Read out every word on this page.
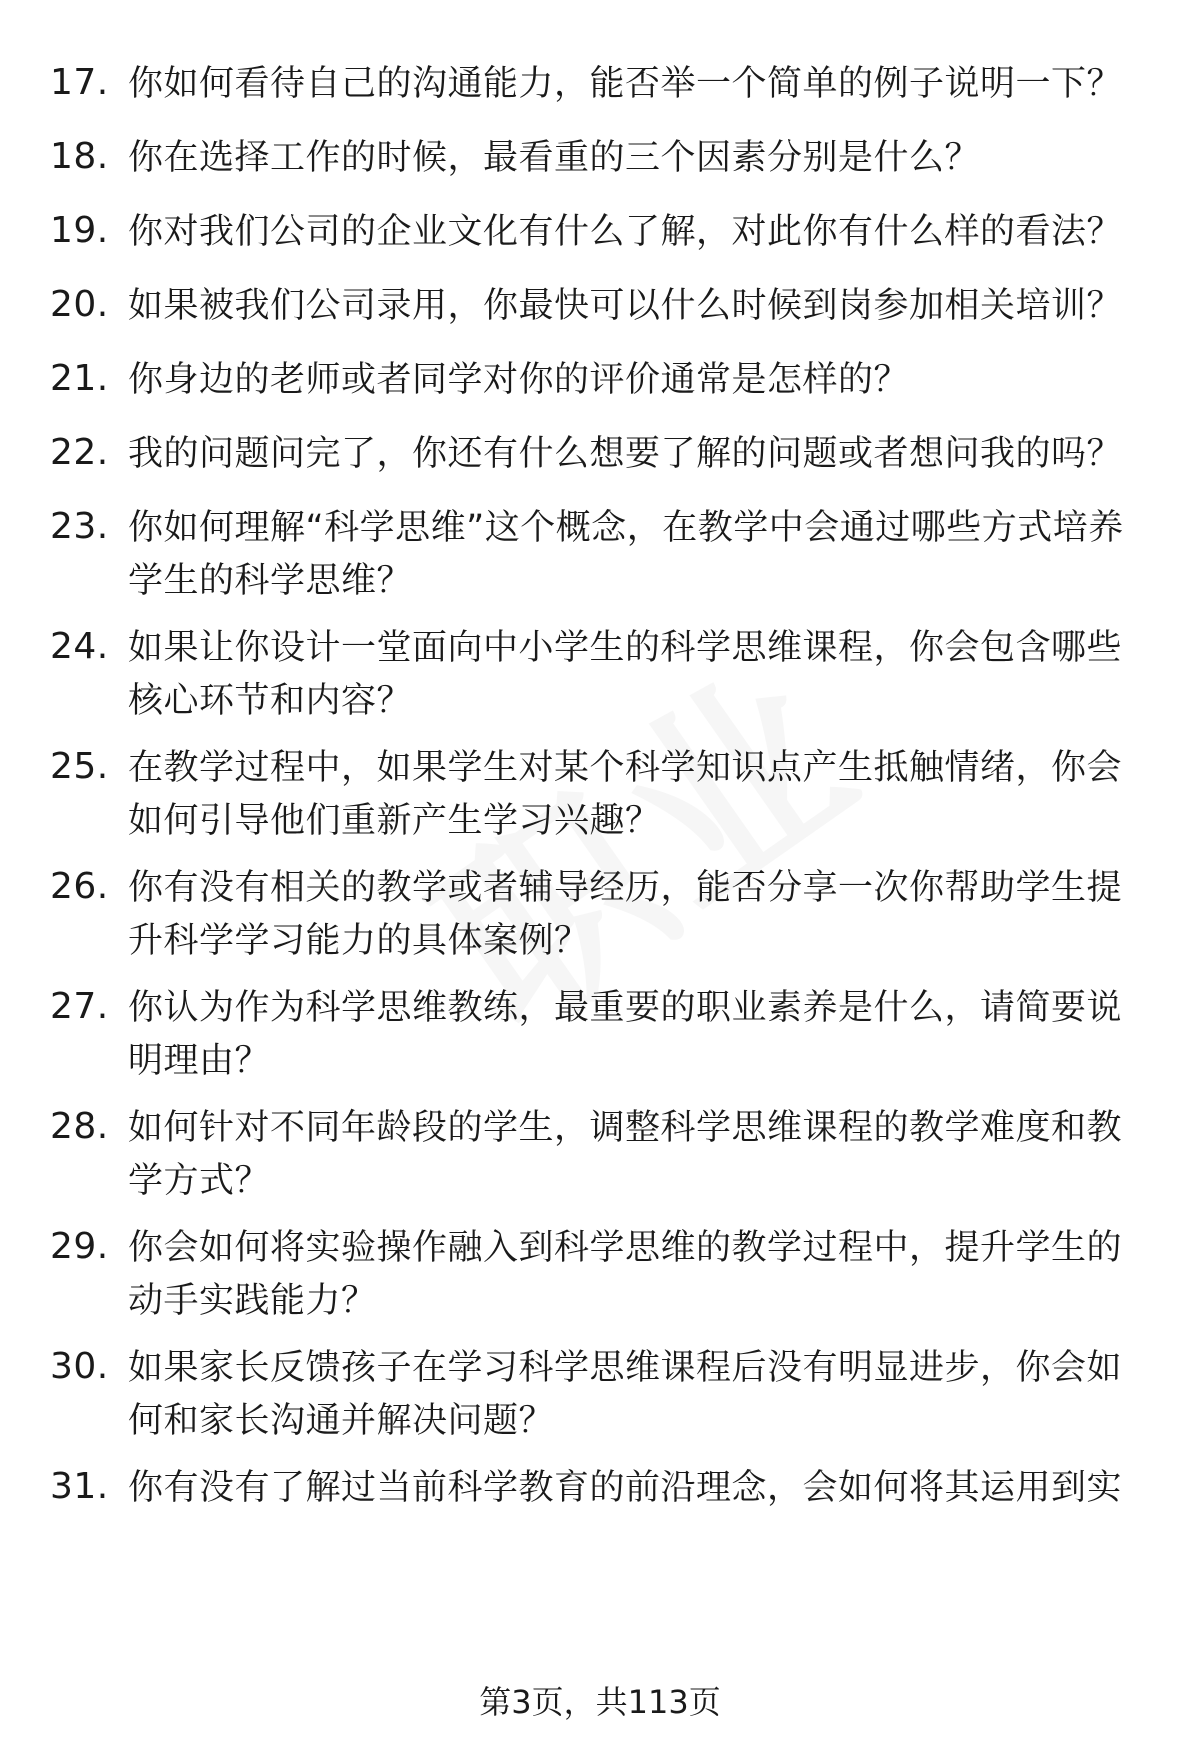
17. 你如何看待自己的沟通能力，能否举一个简单的例子说明一下？
18. 你在选择工作的时候，最看重的三个因素分别是什么？
19. 你对我们公司的企业文化有什么了解，对此你有什么样的看法？
20. 如果被我们公司录用，你最快可以什么时候到岗参加相关培训？
21. 你身边的老师或者同学对你的评价通常是怎样的？
22. 我的问题问完了，你还有什么想要了解的问题或者想问我的吗？
23. 你如何理解“科学思维”这个概念，在教学中会通过哪些方式培养学生的科学思维？
24. 如果让你设计一堂面向中小学生的科学思维课程，你会包含哪些核心环节和内容？
25. 在教学过程中，如果学生对某个科学知识点产生抵触情绪，你会如何引导他们重新产生学习兴趣？
26. 你有没有相关的教学或者辅导经历，能否分享一次你帮助学生提升科学学习能力的具体案例？
27. 你认为作为科学思维教练，最重要的职业素养是什么，请简要说明理由？
28. 如何针对不同年龄段的学生，调整科学思维课程的教学难度和教学方式？
29. 你会如何将实验操作融入到科学思维的教学过程中，提升学生的动手实践能力？
30. 如果家长反馈孩子在学习科学思维课程后没有明显进步，你会如何和家长沟通并解决问题？
31. 你有没有了解过当前科学教育的前沿理念，会如何将其运用到实
第3页，共113页
